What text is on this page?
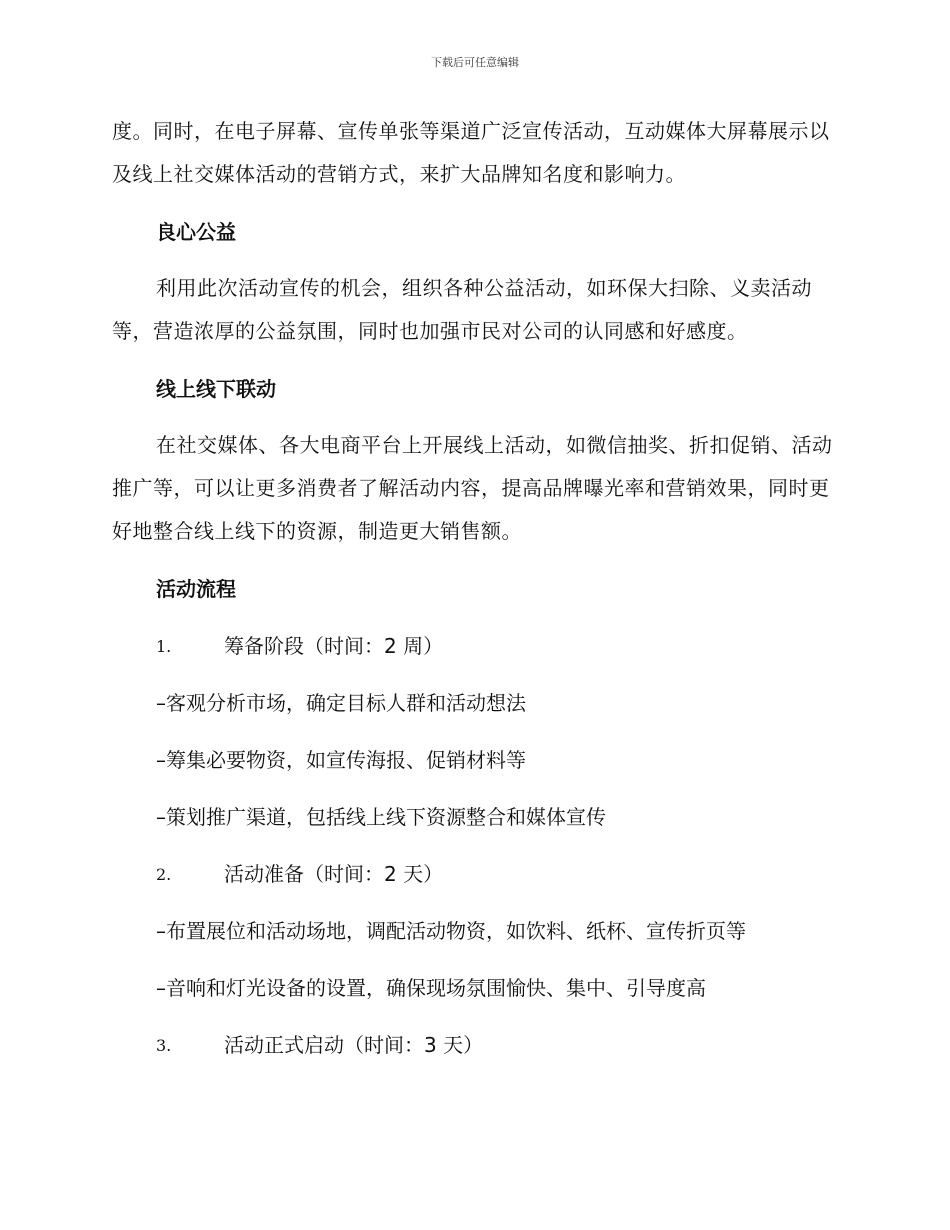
下载后可任意编辑

度。同时，在电子屏幕、宣传单张等渠道广泛宣传活动，互动媒体大屏幕展示以及线上社交媒体活动的营销方式，来扩大品牌知名度和影响力。

良心公益

利用此次活动宣传的机会，组织各种公益活动，如环保大扫除、义卖活动等，营造浓厚的公益氛围，同时也加强市民对公司的认同感和好感度。

线上线下联动

在社交媒体、各大电商平台上开展线上活动，如微信抽奖、折扣促销、活动推广等，可以让更多消费者了解活动内容，提高品牌曝光率和营销效果，同时更好地整合线上线下的资源，制造更大销售额。

活动流程
1.	筹备阶段（时间：2 周）
–客观分析市场，确定目标人群和活动想法
–筹集必要物资，如宣传海报、促销材料等
–策划推广渠道，包括线上线下资源整合和媒体宣传
2.	活动准备（时间：2 天）
–布置展位和活动场地，调配活动物资，如饮料、纸杯、宣传折页等
–音响和灯光设备的设置，确保现场氛围愉快、集中、引导度高
3.	活动正式启动（时间：3 天）
